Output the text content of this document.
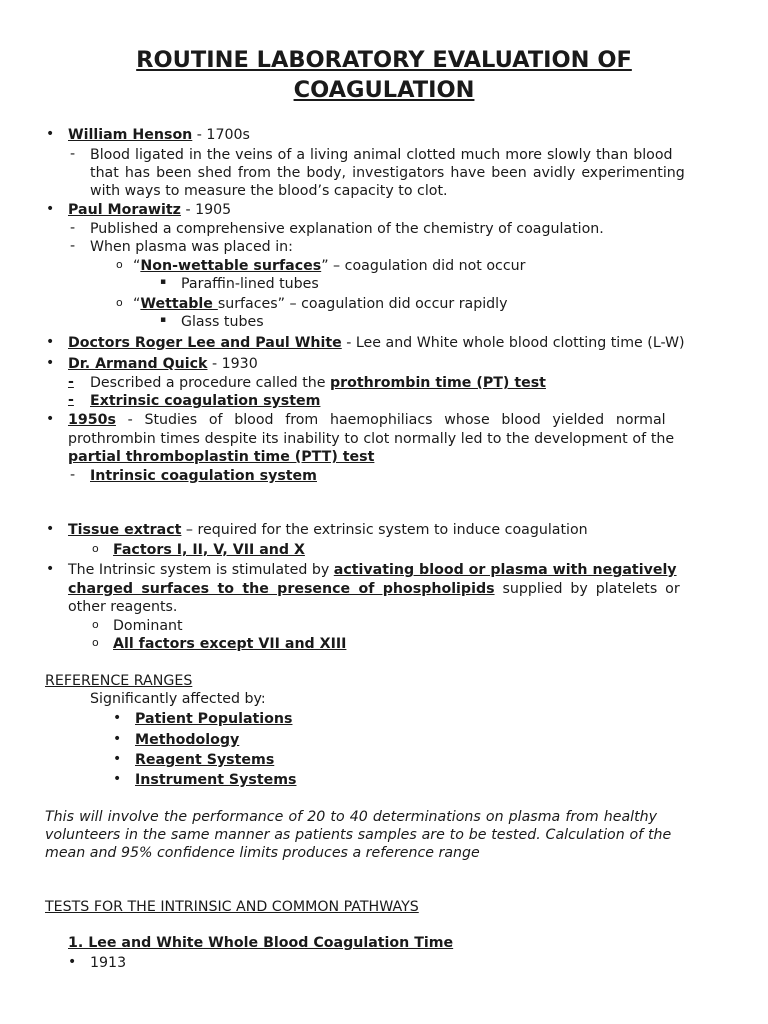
ROUTINE LABORATORY EVALUATION OF
COAGULATION
• William Henson - 1700s
- Blood ligated in the veins of a living animal clotted much more slowly than blood
that has been shed from the body, investigators have been avidly experimenting
with ways to measure the blood’s capacity to clot.
• Paul Morawitz - 1905
- Published a comprehensive explanation of the chemistry of coagulation.
- When plasma was placed in:
o “Non-wettable surfaces” – coagulation did not occur
▪ Paraffin-lined tubes
o “Wettable surfaces” – coagulation did occur rapidly
▪ Glass tubes
• Doctors Roger Lee and Paul White - Lee and White whole blood clotting time (L-W)
• Dr. Armand Quick - 1930
- Described a procedure called the prothrombin time (PT) test
- Extrinsic coagulation system
• 1950s - Studies of blood from haemophiliacs whose blood yielded normal
prothrombin times despite its inability to clot normally led to the development of the
partial thromboplastin time (PTT) test
- Intrinsic coagulation system
• Tissue extract – required for the extrinsic system to induce coagulation
o Factors I, II, V, VII and X
• The Intrinsic system is stimulated by activating blood or plasma with negatively
charged surfaces to the presence of phospholipids supplied by platelets or
other reagents.
o Dominant
o All factors except VII and XIII
REFERENCE RANGES
Significantly affected by:
• Patient Populations
• Methodology
• Reagent Systems
• Instrument Systems
This will involve the performance of 20 to 40 determinations on plasma from healthy
volunteers in the same manner as patients samples are to be tested. Calculation of the
mean and 95% confidence limits produces a reference range
TESTS FOR THE INTRINSIC AND COMMON PATHWAYS
1. Lee and White Whole Blood Coagulation Time
• 1913
